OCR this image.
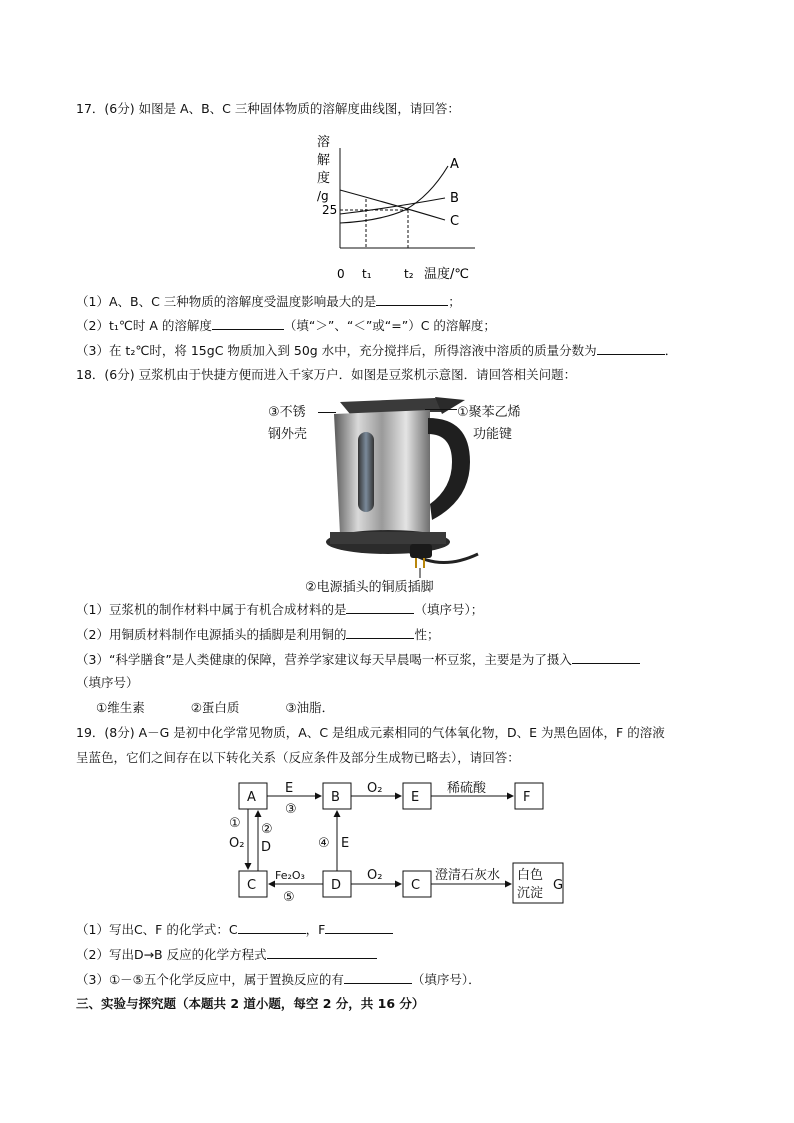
17．(6分) 如图是 A、B、C 三种固体物质的溶解度曲线图，请回答：
溶
解
度
/g
25
A
B
C
0 t₁	t₂ 温度/℃
（1）A、B、C 三种物质的溶解度受温度影响最大的是	；
（2）t₁℃时 A 的溶解度	（填“＞”、“＜”或“=”）C 的溶解度；
（3）在 t₂℃时，将 15gC 物质加入到 50g 水中，充分搅拌后，所得溶液中溶质的质量分数为	．
18．(6分) 豆浆机由于快捷方便而进入千家万户．如图是豆浆机示意图．请回答相关问题：
③不锈
钢外壳
①聚苯乙烯
功能键
②电源插头的铜质插脚
（1）豆浆机的制作材料中属于有机合成材料的是	（填序号）；
（2）用铜质材料制作电源插头的插脚是利用铜的	性；
（3）“科学膳食”是人类健康的保障，营养学家建议每天早晨喝一杯豆浆，主要是为了摄入
（填序号）
①维生素	②蛋白质	③油脂．
19．(8分) A－G 是初中化学常见物质，A、C 是组成元素相同的气体氧化物，D、E 为黑色固体，F 的溶液
呈蓝色，它们之间存在以下转化关系（反应条件及部分生成物已略去），请回答：
A	B	E	F
C	D	C
白色
沉淀
G
E
③
O₂	稀硫酸
①
O₂
②
D	④ E
Fe₂O₃
⑤
O₂	澄清石灰水
（1）写出C、F 的化学式：C	，F
（2）写出D→B 反应的化学方程式
（3）①－⑤五个化学反应中，属于置换反应的有	（填序号）．
三、实验与探究题（本题共 2 道小题，每空 2 分，共 16 分）
